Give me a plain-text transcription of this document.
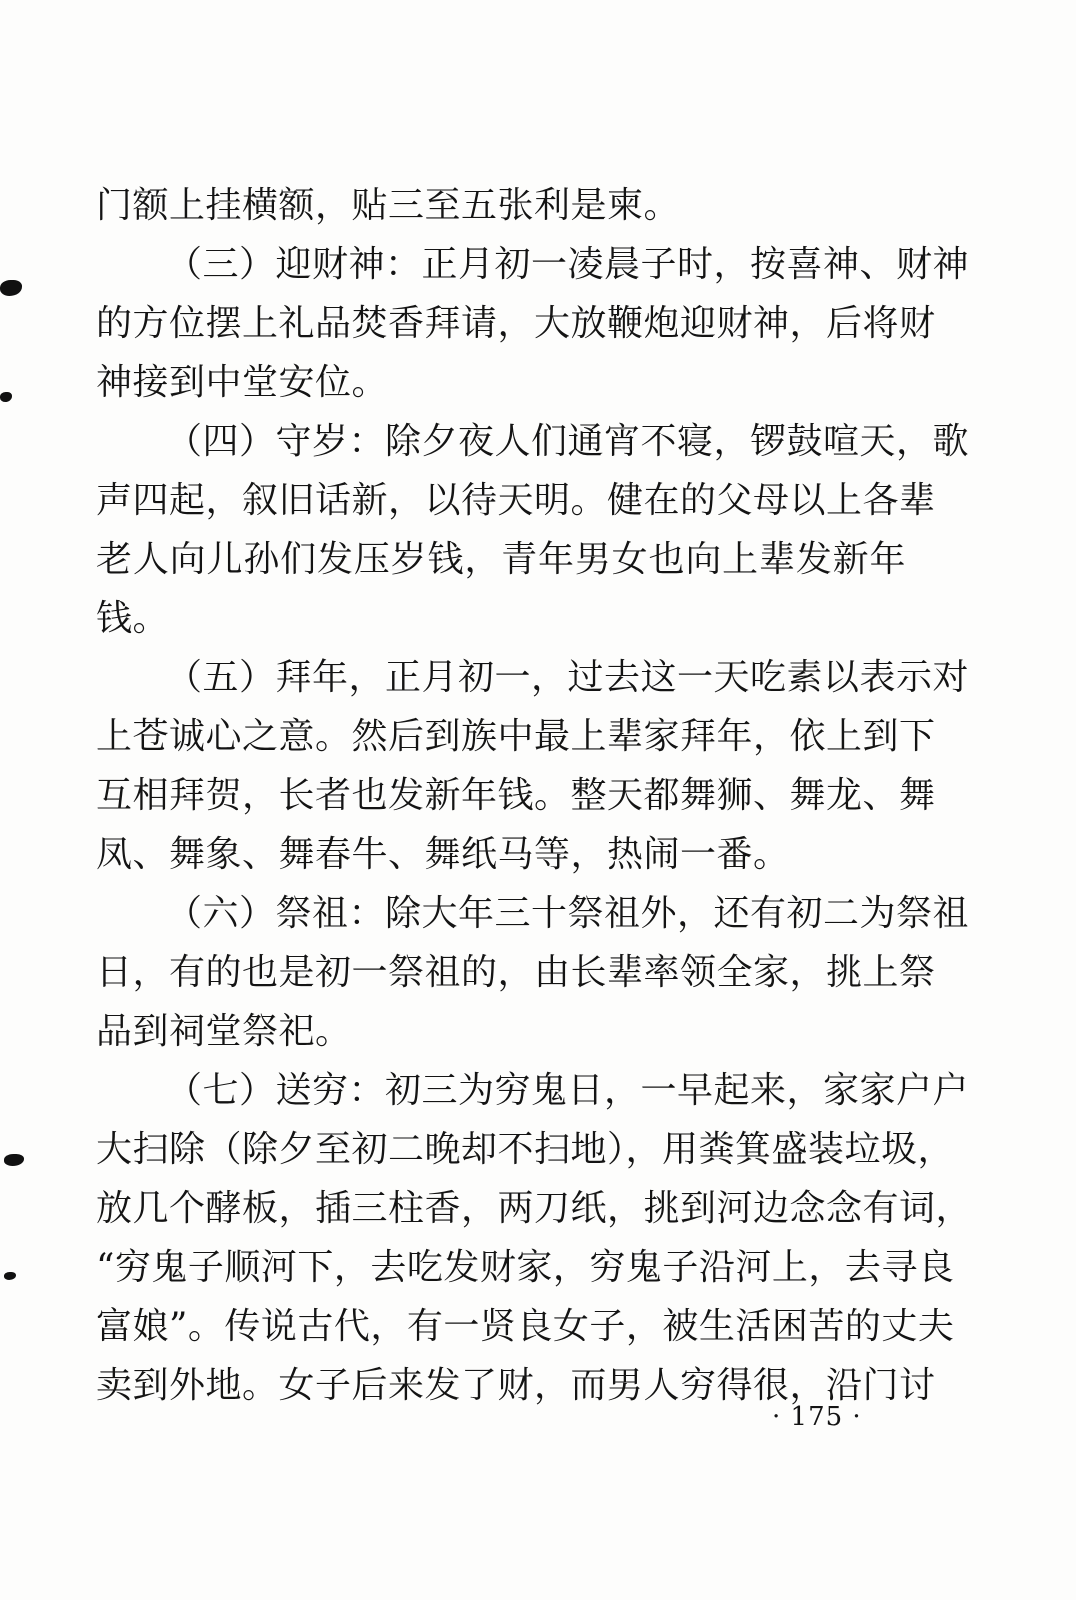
门额上挂横额，贴三至五张利是柬。
（三）迎财神：正月初一凌晨子时，按喜神、财神
的方位摆上礼品焚香拜请，大放鞭炮迎财神，后将财
神接到中堂安位。
（四）守岁：除夕夜人们通宵不寝，锣鼓喧天，歌
声四起，叙旧话新，以待天明。健在的父母以上各辈
老人向儿孙们发压岁钱，青年男女也向上辈发新年
钱。
（五）拜年，正月初一，过去这一天吃素以表示对
上苍诚心之意。然后到族中最上辈家拜年，依上到下
互相拜贺，长者也发新年钱。整天都舞狮、舞龙、舞
凤、舞象、舞春牛、舞纸马等，热闹一番。
（六）祭祖：除大年三十祭祖外，还有初二为祭祖
日，有的也是初一祭祖的，由长辈率领全家，挑上祭
品到祠堂祭祀。
（七）送穷：初三为穷鬼日，一早起来，家家户户
大扫除（除夕至初二晚却不扫地），用粪箕盛装垃圾，
放几个酵板，插三柱香，两刀纸，挑到河边念念有词，
“穷鬼子顺河下，去吃发财家，穷鬼子沿河上，去寻良
富娘”。传说古代，有一贤良女子，被生活困苦的丈夫
卖到外地。女子后来发了财，而男人穷得很，沿门讨
· 175 ·
